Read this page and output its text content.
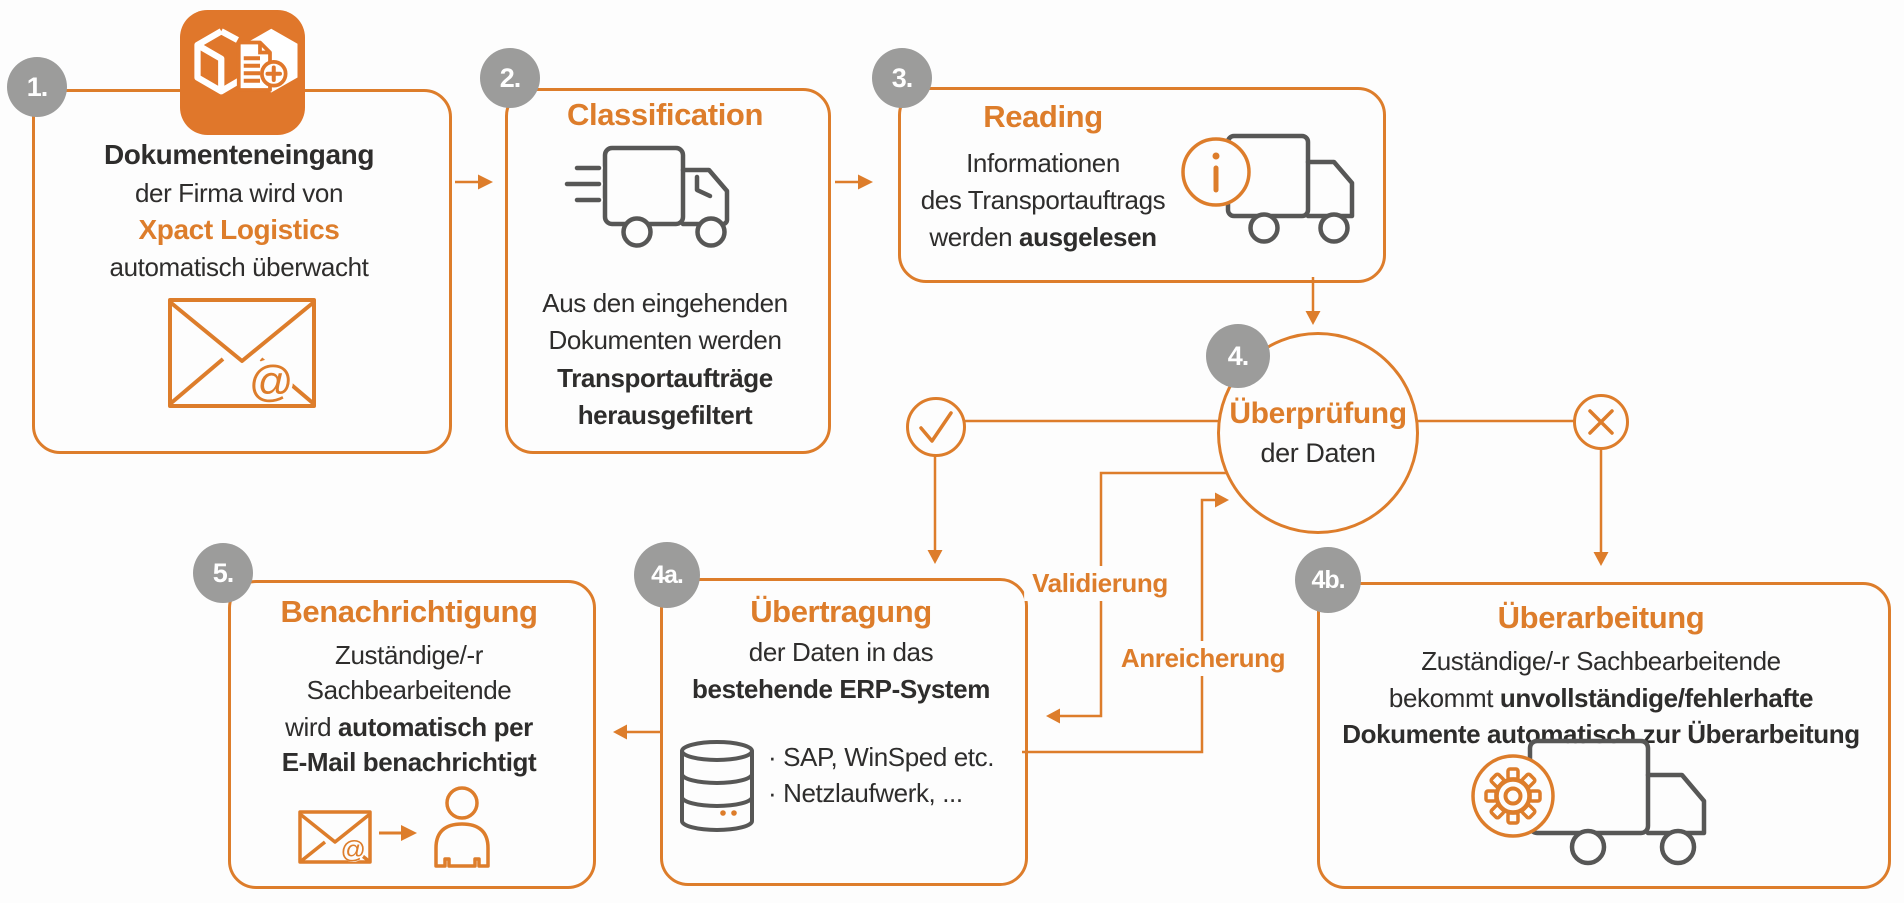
Überprüfung
der Daten
1.	2.	3.
4.
4a.	4b.
5.
Dokumenteneingang
der Firma wird von
Xpact Logistics
automatisch überwacht
@
Classification
Aus den eingehenden
Dokumenten werden
Transportaufträge
herausgefiltert
Reading
Informationen
des Transportauftrags
werden ausgelesen
Validierung
Anreicherung
Übertragung
der Daten in das
bestehende ERP-System
· SAP, WinSped etc.
· Netzlaufwerk, ...
Überarbeitung
Zuständige/-r Sachbearbeitende
bekommt unvollständige/fehlerhafte
Dokumente automatisch zur Überarbeitung
Benachrichtigung
Zuständige/-r
Sachbearbeitende
wird automatisch per
E-Mail benachrichtigt
@
